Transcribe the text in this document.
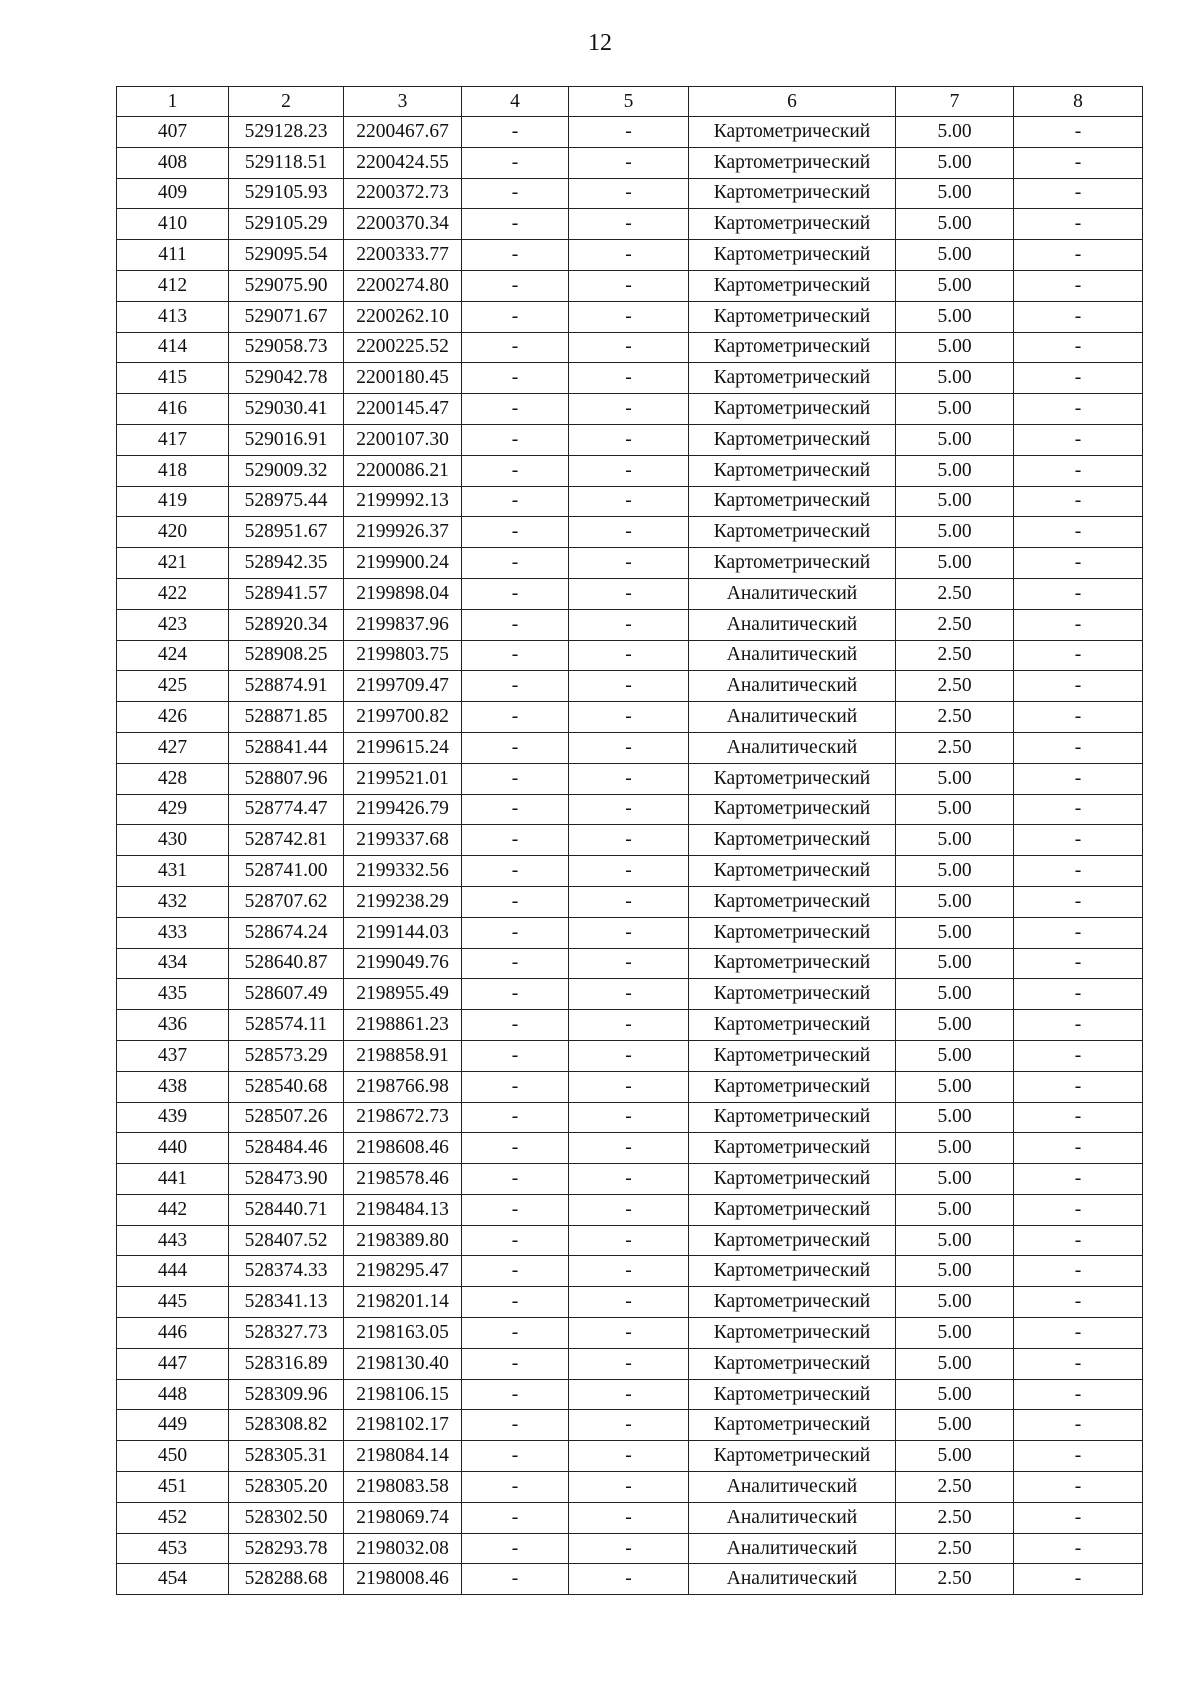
12
1	2	3	4	5	6	7	8
407	529128.23	2200467.67	-	-	Картометрический	5.00	-
408	529118.51	2200424.55	-	-	Картометрический	5.00	-
409	529105.93	2200372.73	-	-	Картометрический	5.00	-
410	529105.29	2200370.34	-	-	Картометрический	5.00	-
411	529095.54	2200333.77	-	-	Картометрический	5.00	-
412	529075.90	2200274.80	-	-	Картометрический	5.00	-
413	529071.67	2200262.10	-	-	Картометрический	5.00	-
414	529058.73	2200225.52	-	-	Картометрический	5.00	-
415	529042.78	2200180.45	-	-	Картометрический	5.00	-
416	529030.41	2200145.47	-	-	Картометрический	5.00	-
417	529016.91	2200107.30	-	-	Картометрический	5.00	-
418	529009.32	2200086.21	-	-	Картометрический	5.00	-
419	528975.44	2199992.13	-	-	Картометрический	5.00	-
420	528951.67	2199926.37	-	-	Картометрический	5.00	-
421	528942.35	2199900.24	-	-	Картометрический	5.00	-
422	528941.57	2199898.04	-	-	Аналитический	2.50	-
423	528920.34	2199837.96	-	-	Аналитический	2.50	-
424	528908.25	2199803.75	-	-	Аналитический	2.50	-
425	528874.91	2199709.47	-	-	Аналитический	2.50	-
426	528871.85	2199700.82	-	-	Аналитический	2.50	-
427	528841.44	2199615.24	-	-	Аналитический	2.50	-
428	528807.96	2199521.01	-	-	Картометрический	5.00	-
429	528774.47	2199426.79	-	-	Картометрический	5.00	-
430	528742.81	2199337.68	-	-	Картометрический	5.00	-
431	528741.00	2199332.56	-	-	Картометрический	5.00	-
432	528707.62	2199238.29	-	-	Картометрический	5.00	-
433	528674.24	2199144.03	-	-	Картометрический	5.00	-
434	528640.87	2199049.76	-	-	Картометрический	5.00	-
435	528607.49	2198955.49	-	-	Картометрический	5.00	-
436	528574.11	2198861.23	-	-	Картометрический	5.00	-
437	528573.29	2198858.91	-	-	Картометрический	5.00	-
438	528540.68	2198766.98	-	-	Картометрический	5.00	-
439	528507.26	2198672.73	-	-	Картометрический	5.00	-
440	528484.46	2198608.46	-	-	Картометрический	5.00	-
441	528473.90	2198578.46	-	-	Картометрический	5.00	-
442	528440.71	2198484.13	-	-	Картометрический	5.00	-
443	528407.52	2198389.80	-	-	Картометрический	5.00	-
444	528374.33	2198295.47	-	-	Картометрический	5.00	-
445	528341.13	2198201.14	-	-	Картометрический	5.00	-
446	528327.73	2198163.05	-	-	Картометрический	5.00	-
447	528316.89	2198130.40	-	-	Картометрический	5.00	-
448	528309.96	2198106.15	-	-	Картометрический	5.00	-
449	528308.82	2198102.17	-	-	Картометрический	5.00	-
450	528305.31	2198084.14	-	-	Картометрический	5.00	-
451	528305.20	2198083.58	-	-	Аналитический	2.50	-
452	528302.50	2198069.74	-	-	Аналитический	2.50	-
453	528293.78	2198032.08	-	-	Аналитический	2.50	-
454	528288.68	2198008.46	-	-	Аналитический	2.50	-
